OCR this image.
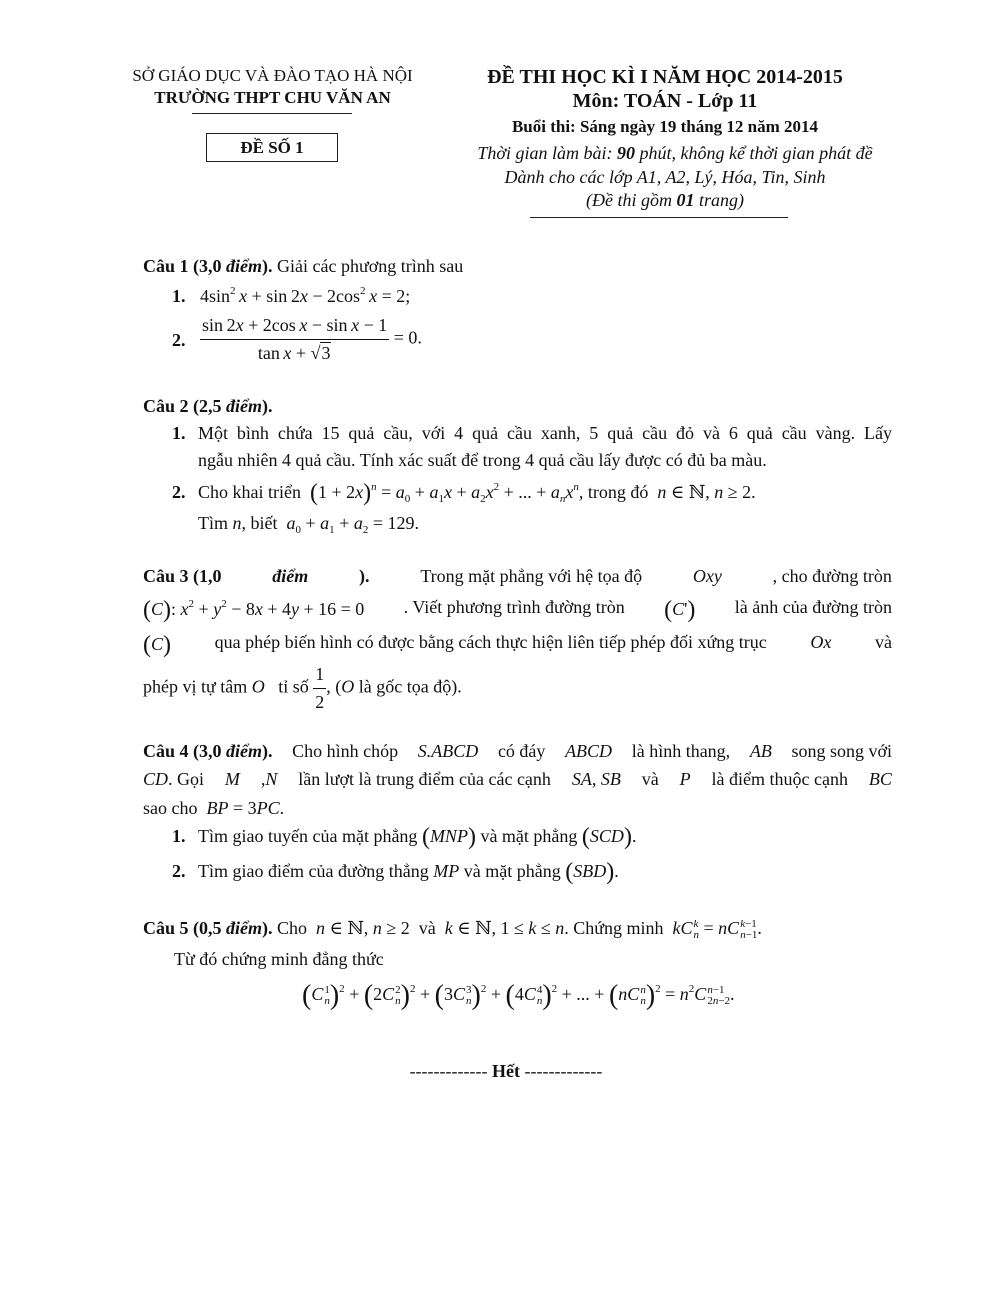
SỞ GIÁO DỤC VÀ ĐÀO TẠO HÀ NỘI
TRƯỜNG THPT CHU VĂN AN
ĐỀ SỐ 1
ĐỀ THI HỌC KÌ I NĂM HỌC 2014-2015
Môn: TOÁN - Lớp 11
Buổi thi: Sáng ngày 19 tháng 12 năm 2014
Thời gian làm bài: 90 phút, không kể thời gian phát đề
Dành cho các lớp A1, A2, Lý, Hóa, Tin, Sinh
(Đề thi gồm 01 trang)
Câu 1 (3,0 điểm). Giải các phương trình sau
1. $4\sin^2$  $x + \sin 2x - 2\cos^2$  x = 2;
2. $\frac{\text{sin 2x + 2cos x − sin x − 1}}{\text{tan x + √3}} = 0$.
Câu 2 (2,5 điểm).
1. Một bình chứa 15 quả cầu, với 4 quả cầu xanh, 5 quả cầu đỏ và 6 quả cầu vàng. Lấy
ngẫu nhiên 4 quả cầu. Tính xác suất để trong 4 quả cầu lấy được có đủ ba màu.
2. Cho khai triển $(1 + 2x)^n = a_0 + a_1x + a_2x^2$ + ... + $a_nx^n$, trong đó n ∈ ℕ, n ≥ 2.
Tìm n, biết $a_0 + a_1 + a_2 = 129$.
Câu 3 (1,0	điểm	).	Trong mặt phẳng với hệ tọa độ	Oxy	, cho đường tròn
(C): $x^2 + y^2 - 8x + 4y + 16 = 0$ . Viết phương trình đường tròn (C') là ảnh của đường tròn
(C) qua phép biến hình có được bằng cách thực hiện liên tiếp phép đối xứng trục Ox và
phép vị tự tâm O tỉ số $\frac{1}{2}$ , (O là gốc tọa độ).
Câu 4 (3,0 điểm). Cho hình chóp S.ABCD có đáy ABCD là hình thang, AB song song với
CD. Gọi M ,N lần lượt là trung điểm của các cạnh SA, SB và P là điểm thuộc cạnh BC
sao cho BP = 3PC.
1. Tìm giao tuyến của mặt phẳng (MNP) và mặt phẳng (SCD).
2. Tìm giao điểm của đường thẳng MP và mặt phẳng (SBD).
Câu 5 (0,5 điểm). Cho n ∈ ℕ, n ≥ 2  và k ∈ ℕ, 1 ≤ k ≤ n. Chứng minh kC k
n = nC k−1
n−1 .
Từ đó chứng minh đẳng thức
(C 1
n )$^2$ + (2C 2
n )$^2$ + (3C 3
n )$^2$ + (4C 4
n )$^2$ + ... + (nC n
n )$^2 = n^2C$ n−1
2n−2 .
------------- Hết -------------
